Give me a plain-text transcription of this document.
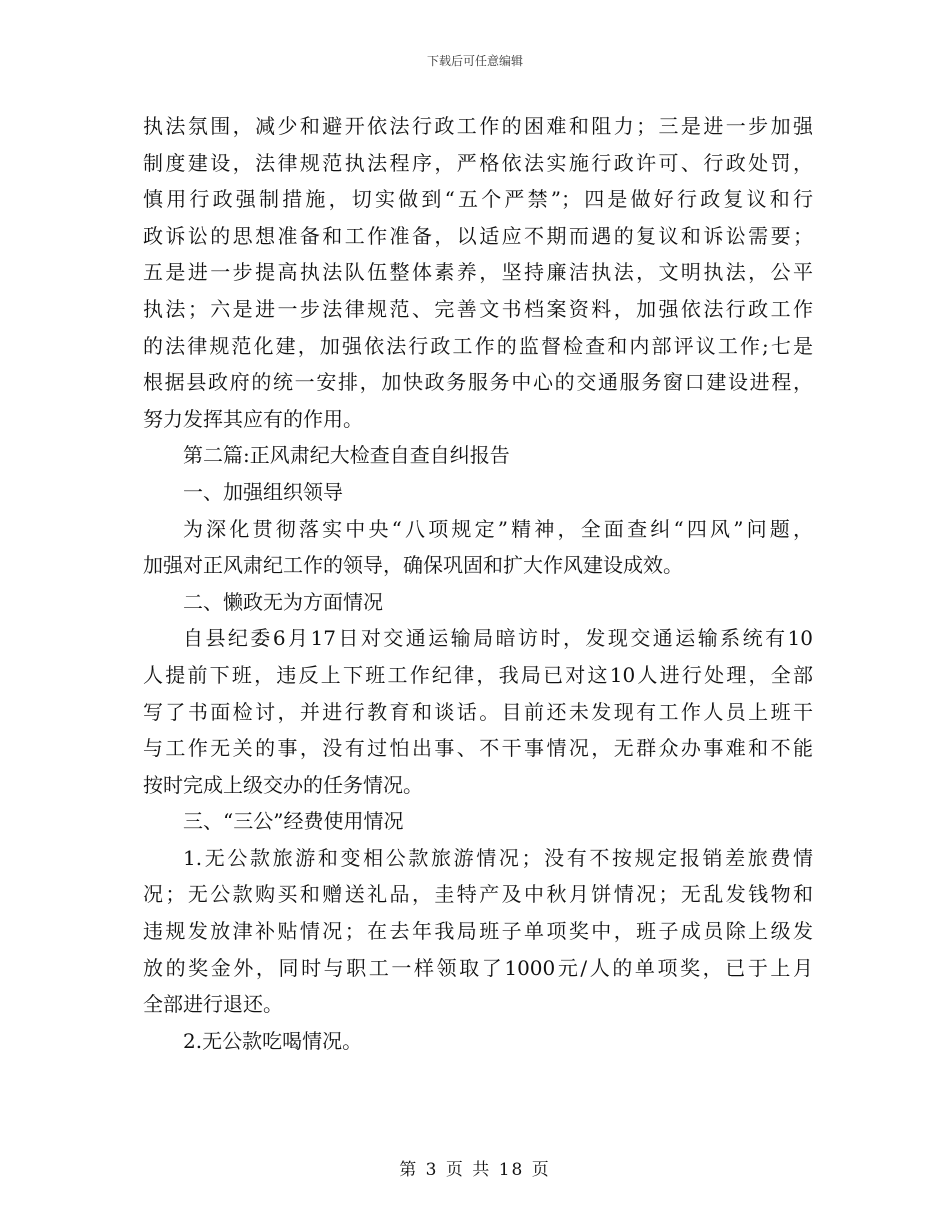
下载后可任意编辑

执法氛围，减少和避开依法行政工作的困难和阻力；三是进一步加强
制度建设，法律规范执法程序，严格依法实施行政许可、行政处罚，
慎用行政强制措施，切实做到“五个严禁”；四是做好行政复议和行
政诉讼的思想准备和工作准备，以适应不期而遇的复议和诉讼需要；
五是进一步提高执法队伍整体素养，坚持廉洁执法，文明执法，公平
执法；六是进一步法律规范、完善文书档案资料，加强依法行政工作
的法律规范化建，加强依法行政工作的监督检查和内部评议工作;七是
根据县政府的统一安排，加快政务服务中心的交通服务窗口建设进程，
努力发挥其应有的作用。

第二篇:正风肃纪大检查自查自纠报告

一、加强组织领导

为深化贯彻落实中央“八项规定”精神，全面查纠“四风”问题，
加强对正风肃纪工作的领导，确保巩固和扩大作风建设成效。

二、懒政无为方面情况

自县纪委6月17日对交通运输局暗访时，发现交通运输系统有10
人提前下班，违反上下班工作纪律，我局已对这10人进行处理，全部
写了书面检讨，并进行教育和谈话。目前还未发现有工作人员上班干
与工作无关的事，没有过怕出事、不干事情况，无群众办事难和不能
按时完成上级交办的任务情况。

三、“三公”经费使用情况

1.无公款旅游和变相公款旅游情况；没有不按规定报销差旅费情
况；无公款购买和赠送礼品，圭特产及中秋月饼情况；无乱发钱物和
违规发放津补贴情况；在去年我局班子单项奖中，班子成员除上级发
放的奖金外，同时与职工一样领取了1000元/人的单项奖，已于上月
全部进行退还。

2.无公款吃喝情况。

第 3 页 共 18 页
